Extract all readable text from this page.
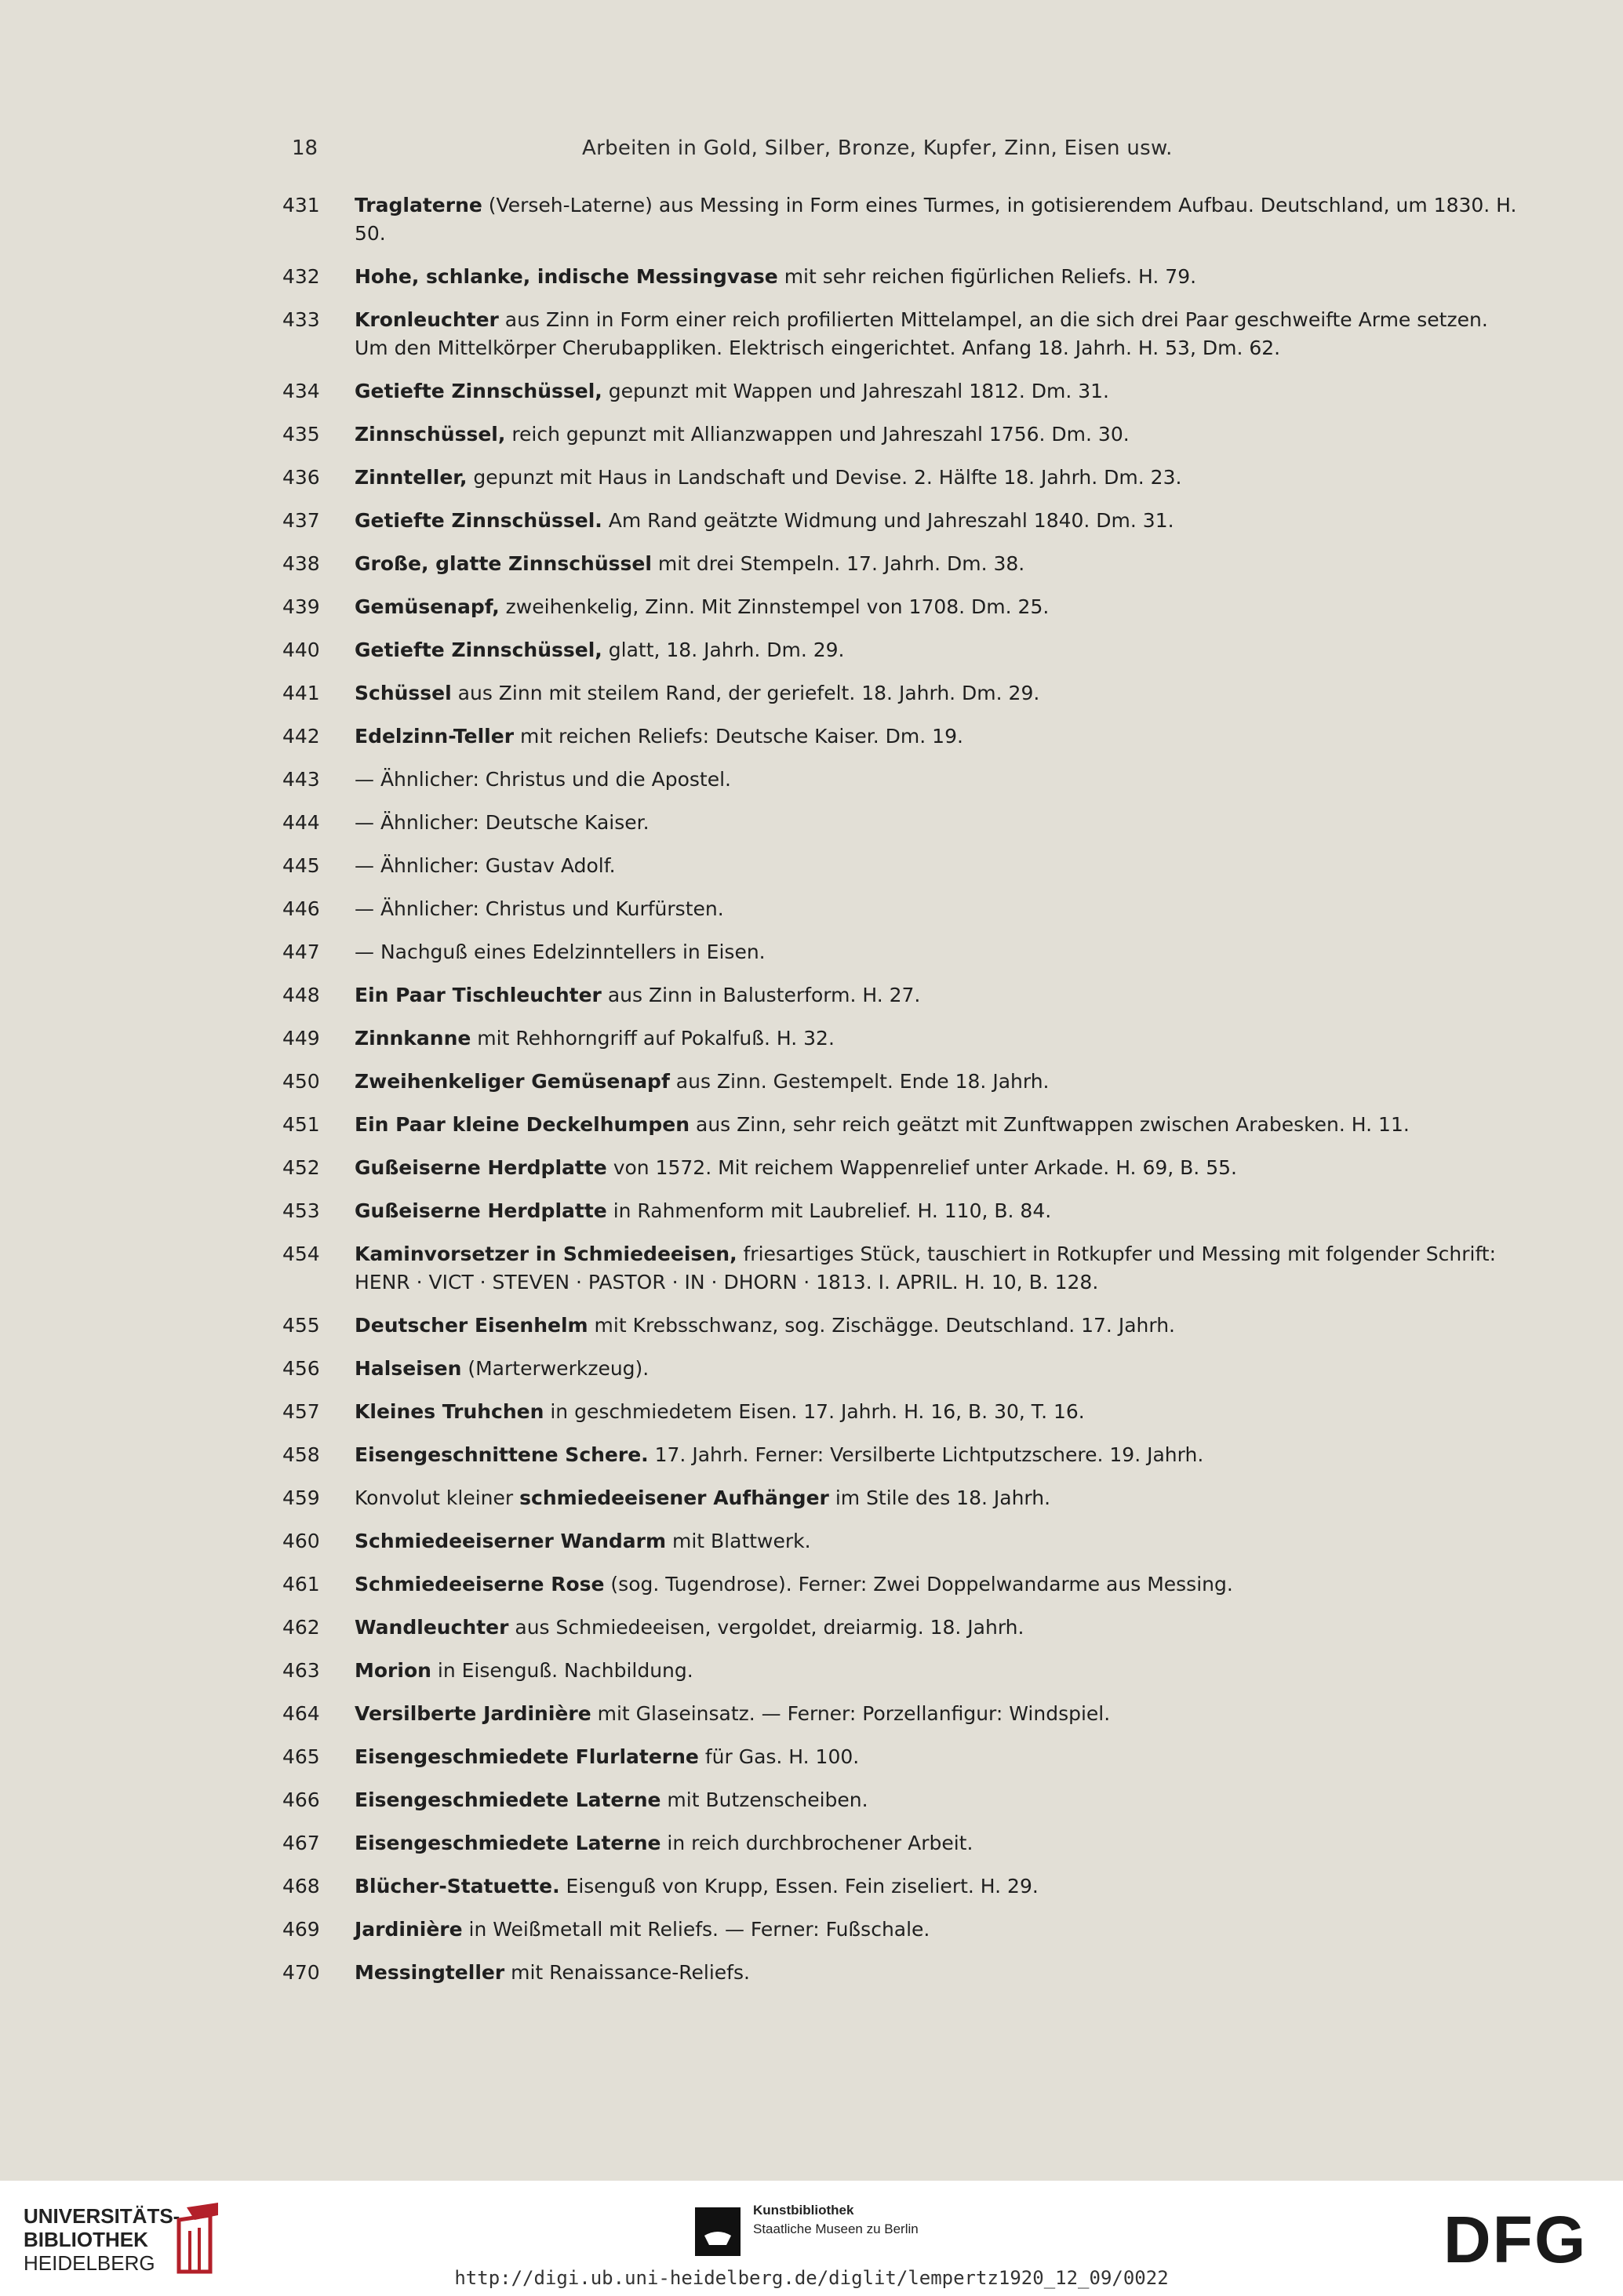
18	Arbeiten in Gold, Silber, Bronze, Kupfer, Zinn, Eisen usw.
431	Traglaterne (Verseh-Laterne) aus Messing in Form eines Turmes, in gotisierendem Aufbau. Deutschland, um 1830. H. 50.
432	Hohe, schlanke, indische Messingvase mit sehr reichen figürlichen Reliefs. H. 79.
433	Kronleuchter aus Zinn in Form einer reich profilierten Mittelampel, an die sich drei Paar geschweifte Arme setzen. Um den Mittelkörper Cherubappliken. Elektrisch eingerichtet. Anfang 18. Jahrh. H. 53, Dm. 62.
434	Getiefte Zinnschüssel, gepunzt mit Wappen und Jahreszahl 1812. Dm. 31.
435	Zinnschüssel, reich gepunzt mit Allianzwappen und Jahreszahl 1756. Dm. 30.
436	Zinnteller, gepunzt mit Haus in Landschaft und Devise. 2. Hälfte 18. Jahrh. Dm. 23.
437	Getiefte Zinnschüssel. Am Rand geätzte Widmung und Jahreszahl 1840. Dm. 31.
438	Große, glatte Zinnschüssel mit drei Stempeln. 17. Jahrh. Dm. 38.
439	Gemüsenapf, zweihenkelig, Zinn. Mit Zinnstempel von 1708. Dm. 25.
440	Getiefte Zinnschüssel, glatt, 18. Jahrh. Dm. 29.
441	Schüssel aus Zinn mit steilem Rand, der geriefelt. 18. Jahrh. Dm. 29.
442	Edelzinn-Teller mit reichen Reliefs: Deutsche Kaiser. Dm. 19.
443	— Ähnlicher: Christus und die Apostel.
444	— Ähnlicher: Deutsche Kaiser.
445	— Ähnlicher: Gustav Adolf.
446	— Ähnlicher: Christus und Kurfürsten.
447	— Nachguß eines Edelzinntellers in Eisen.
448	Ein Paar Tischleuchter aus Zinn in Balusterform. H. 27.
449	Zinnkanne mit Rehhorngriff auf Pokalfuß. H. 32.
450	Zweihenkeliger Gemüsenapf aus Zinn. Gestempelt. Ende 18. Jahrh.
451	Ein Paar kleine Deckelhumpen aus Zinn, sehr reich geätzt mit Zunftwappen zwischen Arabesken. H. 11.
452	Gußeiserne Herdplatte von 1572. Mit reichem Wappenrelief unter Arkade. H. 69, B. 55.
453	Gußeiserne Herdplatte in Rahmenform mit Laubrelief. H. 110, B. 84.
454	Kaminvorsetzer in Schmiedeeisen, friesartiges Stück, tauschiert in Rotkupfer und Messing mit folgender Schrift: HENR · VICT · STEVEN · PASTOR · IN · DHORN · 1813. I. APRIL. H. 10, B. 128.
455	Deutscher Eisenhelm mit Krebsschwanz, sog. Zischägge. Deutschland. 17. Jahrh.
456	Halseisen (Marterwerkzeug).
457	Kleines Truhchen in geschmiedetem Eisen. 17. Jahrh. H. 16, B. 30, T. 16.
458	Eisengeschnittene Schere. 17. Jahrh. Ferner: Versilberte Lichtputzschere. 19. Jahrh.
459	Konvolut kleiner schmiedeeisener Aufhänger im Stile des 18. Jahrh.
460	Schmiedeeiserner Wandarm mit Blattwerk.
461	Schmiedeeiserne Rose (sog. Tugendrose). Ferner: Zwei Doppelwandarme aus Messing.
462	Wandleuchter aus Schmiedeeisen, vergoldet, dreiarmig. 18. Jahrh.
463	Morion in Eisenguß. Nachbildung.
464	Versilberte Jardinière mit Glaseinsatz. — Ferner: Porzellanfigur: Windspiel.
465	Eisengeschmiedete Flurlaterne für Gas. H. 100.
466	Eisengeschmiedete Laterne mit Butzenscheiben.
467	Eisengeschmiedete Laterne in reich durchbrochener Arbeit.
468	Blücher-Statuette. Eisenguß von Krupp, Essen. Fein ziseliert. H. 29.
469	Jardinière in Weißmetall mit Reliefs. — Ferner: Fußschale.
470	Messingteller mit Renaissance-Reliefs.
UNIVERSITÄTS-
BIBLIOTHEK
HEIDELBERG
Kunstbibliothek
Staatliche Museen zu Berlin	DFG
http://digi.ub.uni-heidelberg.de/diglit/lempertz1920_12_09/0022
